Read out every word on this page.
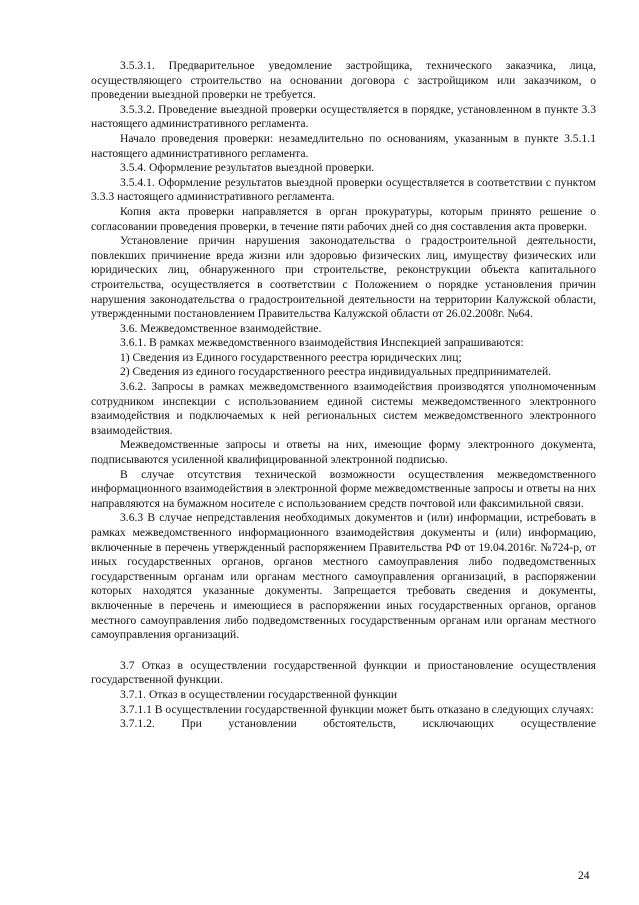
3.5.3.1. Предварительное уведомление застройщика, технического заказчика, лица, осуществляющего строительство на основании договора с застройщиком или заказчиком, о проведении выездной проверки не требуется.

3.5.3.2. Проведение выездной проверки осуществляется в порядке, установленном в пункте 3.3 настоящего административного регламента.

Начало проведения проверки: незамедлительно по основаниям, указанным в пункте 3.5.1.1 настоящего административного регламента.

3.5.4. Оформление результатов выездной проверки.

3.5.4.1. Оформление результатов выездной проверки осуществляется в соответствии с пунктом 3.3.3 настоящего административного регламента.

Копия акта проверки направляется в орган прокуратуры, которым принято решение о согласовании проведения проверки, в течение пяти рабочих дней со дня составления акта проверки.

Установление причин нарушения законодательства о градостроительной деятельности, повлекших причинение вреда жизни или здоровью физических лиц, имуществу физических или юридических лиц, обнаруженного при строительстве, реконструкции объекта капитального строительства, осуществляется в соответствии с Положением о порядке установления причин нарушения законодательства о градостроительной деятельности на территории Калужской области, утвержденными постановлением Правительства Калужской области от 26.02.2008г. №64.

3.6. Межведомственное взаимодействие.

3.6.1. В рамках межведомственного взаимодействия Инспекцией запрашиваются:

1) Сведения из Единого государственного реестра юридических лиц;

2) Сведения из единого государственного реестра индивидуальных предпринимателей.

3.6.2. Запросы в рамках межведомственного взаимодействия производятся уполномоченным сотрудником инспекции с использованием единой системы межведомственного электронного взаимодействия и подключаемых к ней региональных систем межведомственного электронного взаимодействия.

Межведомственные запросы и ответы на них, имеющие форму электронного документа, подписываются усиленной квалифицированной электронной подписью.

В случае отсутствия технической возможности осуществления межведомственного информационного взаимодействия в электронной форме межведомственные запросы и ответы на них направляются на бумажном носителе с использованием средств почтовой или факсимильной связи.

3.6.3 В случае непредставления необходимых документов и (или) информации, истребовать в рамках межведомственного информационного взаимодействия документы и (или) информацию, включенные в перечень утвержденный распоряжением Правительства РФ от 19.04.2016г. №724-р, от иных государственных органов, органов местного самоуправления либо подведомственных государственным органам или органам местного самоуправления организаций, в распоряжении которых находятся указанные документы. Запрещается требовать сведения и документы, включенные в перечень и имеющиеся в распоряжении иных государственных органов, органов местного самоуправления либо подведомственных государственным органам или органам местного самоуправления организаций.

3.7 Отказ в осуществлении государственной функции и приостановление осуществления государственной функции.

3.7.1. Отказ в осуществлении государственной функции

3.7.1.1 В осуществлении государственной функции может быть отказано в следующих случаях:

3.7.1.2. При установлении обстоятельств, исключающих осуществление

24
